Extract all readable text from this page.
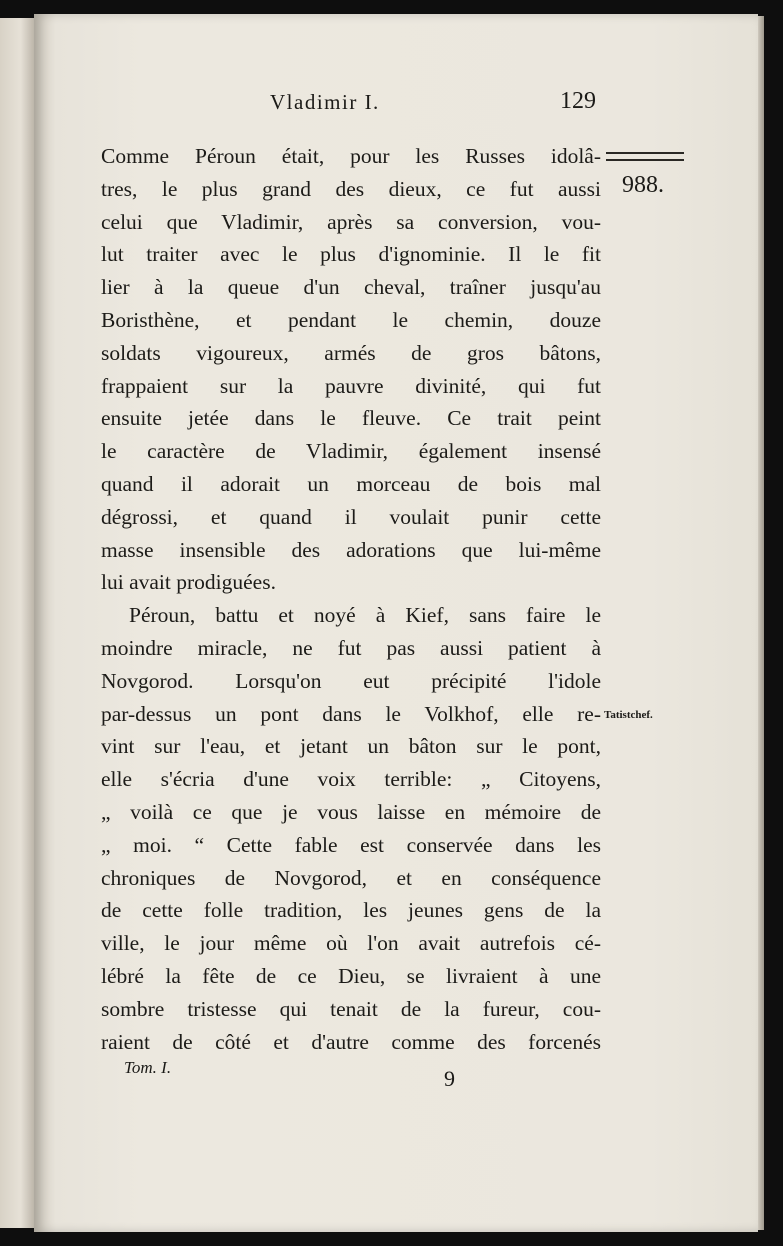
Vladimir I.	129
988.
Tatistchef.
Comme Péroun était, pour les Russes idolâ-
tres, le plus grand des dieux, ce fut aussi
celui que Vladimir, après sa conversion, vou-
lut traiter avec le plus d'ignominie. Il le fit
lier à la queue d'un cheval, traîner jusqu'au
Boristhène, et pendant le chemin, douze
soldats vigoureux, armés de gros bâtons,
frappaient sur la pauvre divinité, qui fut
ensuite jetée dans le fleuve. Ce trait peint
le caractère de Vladimir, également insensé
quand il adorait un morceau de bois mal
dégrossi, et quand il voulait punir cette
masse insensible des adorations que lui-même
lui avait prodiguées.
Péroun, battu et noyé à Kief, sans faire le
moindre miracle, ne fut pas aussi patient à
Novgorod. Lorsqu'on eut précipité l'idole
par-dessus un pont dans le Volkhof, elle re-
vint sur l'eau, et jetant un bâton sur le pont,
elle s'écria d'une voix terrible: „ Citoyens,
„ voilà ce que je vous laisse en mémoire de
„ moi. “ Cette fable est conservée dans les
chroniques de Novgorod, et en conséquence
de cette folle tradition, les jeunes gens de la
ville, le jour même où l'on avait autrefois cé-
lébré la fête de ce Dieu, se livraient à une
sombre tristesse qui tenait de la fureur, cou-
raient de côté et d'autre comme des forcenés
Tom. I.	9
